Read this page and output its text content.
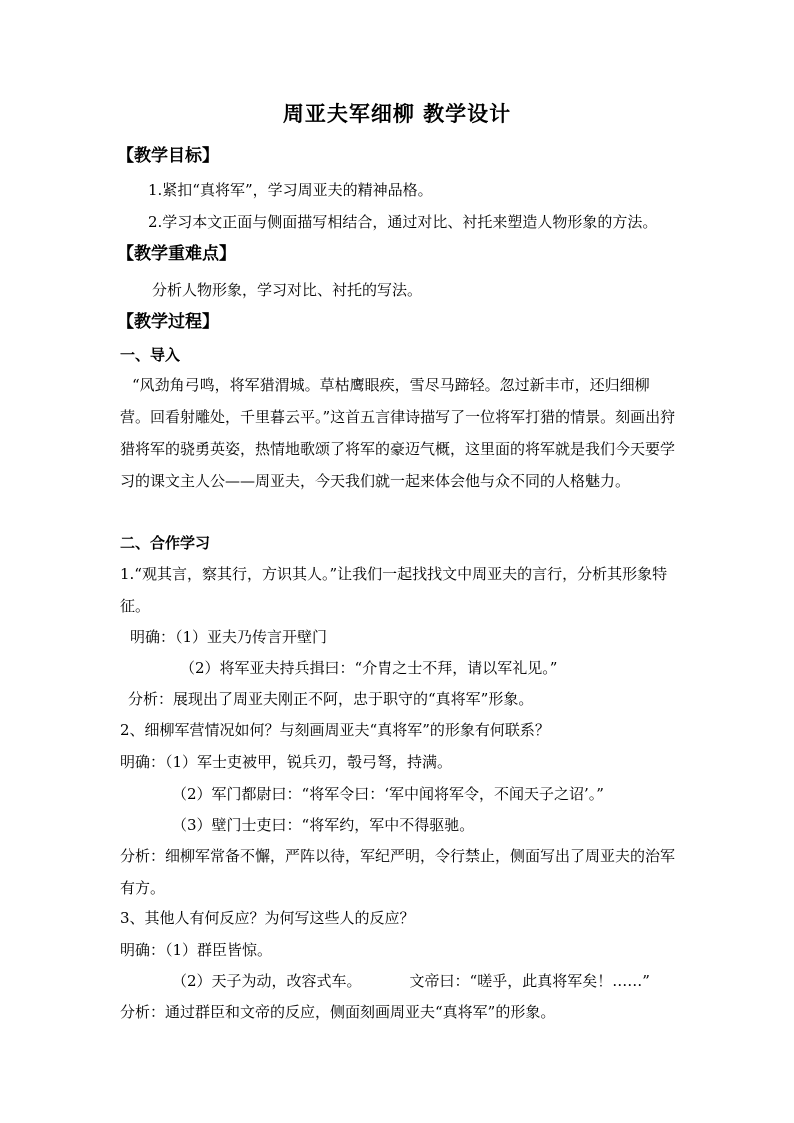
周亚夫军细柳 教学设计
【教学目标】
1.紧扣“真将军”，学习周亚夫的精神品格。
2.学习本文正面与侧面描写相结合，通过对比、衬托来塑造人物形象的方法。
【教学重难点】
分析人物形象，学习对比、衬托的写法。
【教学过程】
一、导入
“风劲角弓鸣，将军猎渭城。草枯鹰眼疾，雪尽马蹄轻。忽过新丰市，还归细柳营。回看射雕处，千里暮云平。”这首五言律诗描写了一位将军打猎的情景。刻画出狩猎将军的骁勇英姿，热情地歌颂了将军的豪迈气概，这里面的将军就是我们今天要学习的课文主人公——周亚夫，今天我们就一起来体会他与众不同的人格魅力。
二、合作学习
1.“观其言，察其行，方识其人。”让我们一起找找文中周亚夫的言行，分析其形象特征。
明确：（1）亚夫乃传言开壁门
（2）将军亚夫持兵揖曰：“介胄之士不拜，请以军礼见。”
分析：展现出了周亚夫刚正不阿，忠于职守的“真将军”形象。
2、细柳军营情况如何？与刻画周亚夫“真将军”的形象有何联系？
明确：（1）军士吏被甲，锐兵刃，彀弓弩，持满。
（2）军门都尉曰：“将军令曰：‘军中闻将军令，不闻天子之诏’。”
（3）壁门士吏曰：“将军约，军中不得驱驰。
分析：细柳军常备不懈，严阵以待，军纪严明，令行禁止，侧面写出了周亚夫的治军有方。
3、其他人有何反应？为何写这些人的反应？
明确：（1）群臣皆惊。
（2）天子为动，改容式车。	文帝曰：“嗟乎，此真将军矣！……”
分析：通过群臣和文帝的反应，侧面刻画周亚夫“真将军”的形象。
